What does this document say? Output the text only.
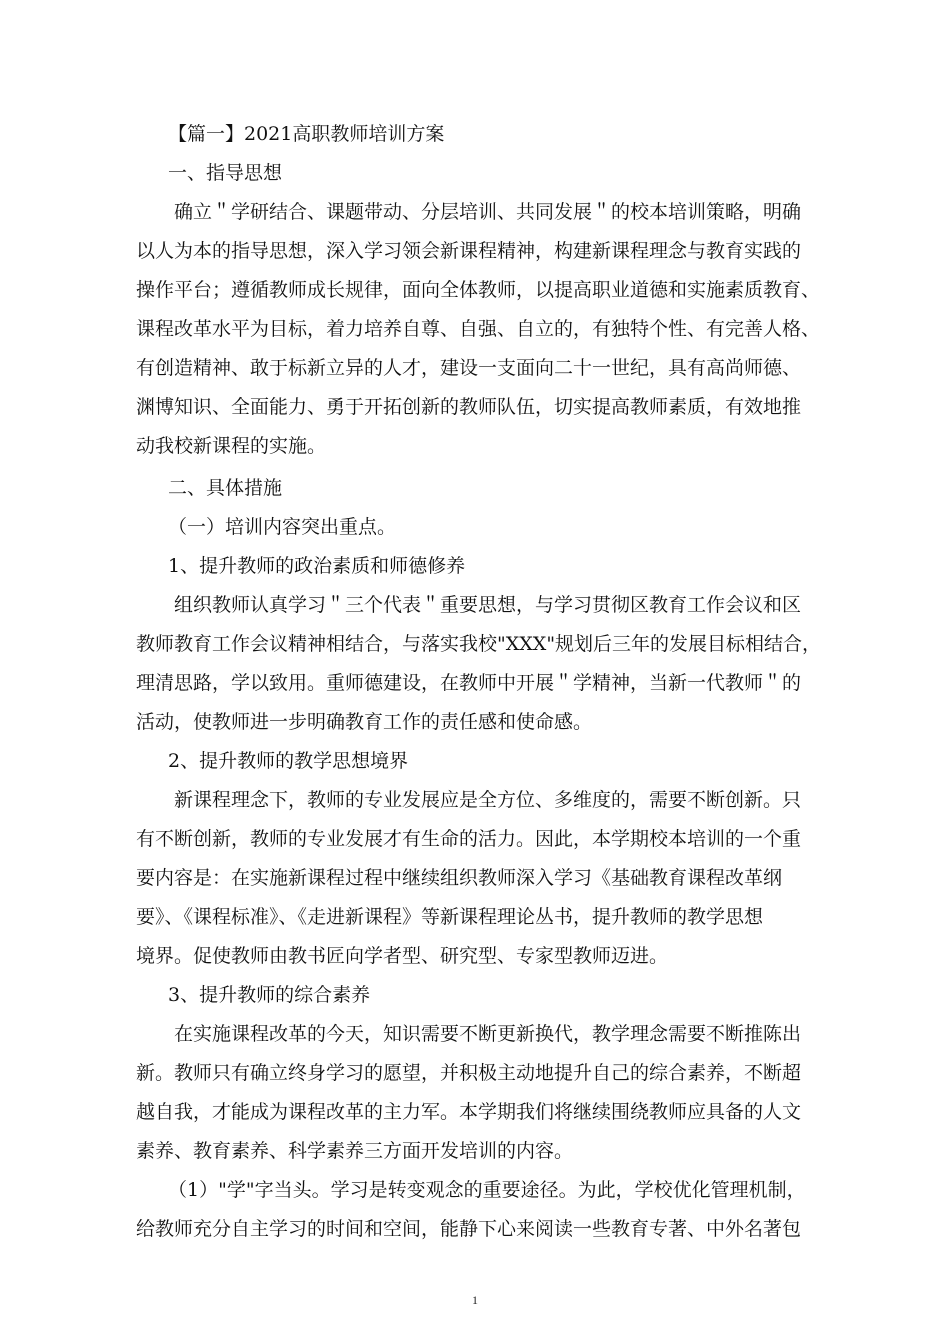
【篇一】2021高职教师培训方案
一、指导思想
确立＂学研结合、课题带动、分层培训、共同发展＂的校本培训策略，明确
以人为本的指导思想，深入学习领会新课程精神，构建新课程理念与教育实践的
操作平台；遵循教师成长规律，面向全体教师，以提高职业道德和实施素质教育、
课程改革水平为目标，着力培养自尊、自强、自立的，有独特个性、有完善人格、
有创造精神、敢于标新立异的人才，建设一支面向二十一世纪，具有高尚师德、
渊博知识、全面能力、勇于开拓创新的教师队伍，切实提高教师素质，有效地推
动我校新课程的实施。
二、具体措施
（一）培训内容突出重点。
1、提升教师的政治素质和师德修养
组织教师认真学习＂三个代表＂重要思想，与学习贯彻区教育工作会议和区
教师教育工作会议精神相结合，与落实我校"XXX"规划后三年的发展目标相结合，
理清思路，学以致用。重师德建设，在教师中开展＂学精神，当新一代教师＂的
活动，使教师进一步明确教育工作的责任感和使命感。
2、提升教师的教学思想境界
新课程理念下，教师的专业发展应是全方位、多维度的，需要不断创新。只
有不断创新，教师的专业发展才有生命的活力。因此，本学期校本培训的一个重
要内容是：在实施新课程过程中继续组织教师深入学习《基础教育课程改革纲
要》、《课程标准》、《走进新课程》等新课程理论丛书，提升教师的教学思想
境界。促使教师由教书匠向学者型、研究型、专家型教师迈进。
3、提升教师的综合素养
在实施课程改革的今天，知识需要不断更新换代，教学理念需要不断推陈出
新。教师只有确立终身学习的愿望，并积极主动地提升自己的综合素养，不断超
越自我，才能成为课程改革的主力军。本学期我们将继续围绕教师应具备的人文
素养、教育素养、科学素养三方面开发培训的内容。
（1）"学"字当头。学习是转变观念的重要途径。为此，学校优化管理机制，
给教师充分自主学习的时间和空间，能静下心来阅读一些教育专著、中外名著包
1
